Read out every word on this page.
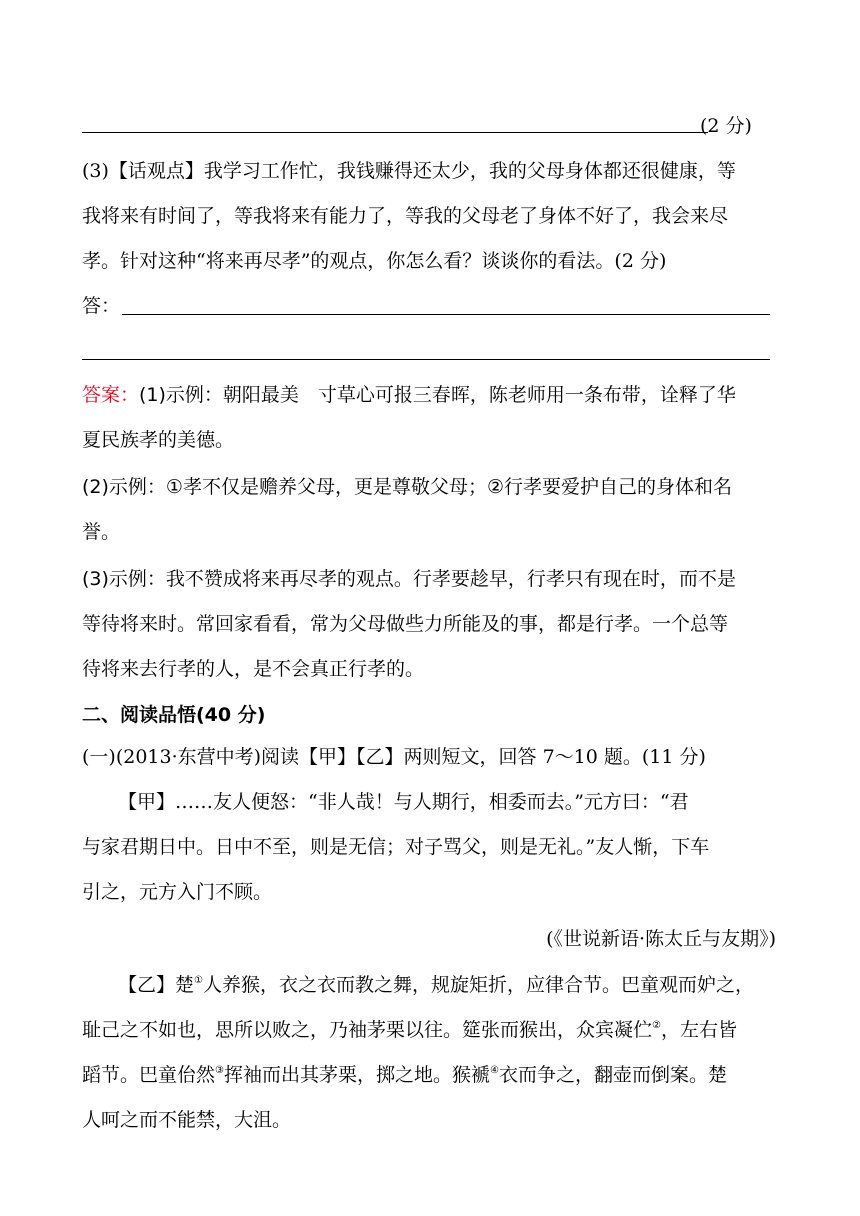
(2 分)
(3)【话观点】我学习工作忙，我钱赚得还太少，我的父母身体都还很健康，等
我将来有时间了，等我将来有能力了，等我的父母老了身体不好了，我会来尽
孝。针对这种“将来再尽孝”的观点，你怎么看？谈谈你的看法。(2 分)
答：
答案：(1)示例：朝阳最美　寸草心可报三春晖，陈老师用一条布带，诠释了华
夏民族孝的美德。
(2)示例：①孝不仅是赡养父母，更是尊敬父母；②行孝要爱护自己的身体和名
誉。
(3)示例：我不赞成将来再尽孝的观点。行孝要趁早，行孝只有现在时，而不是
等待将来时。常回家看看，常为父母做些力所能及的事，都是行孝。一个总等
待将来去行孝的人，是不会真正行孝的。
二、阅读品悟(40 分)
(一)(2013·东营中考)阅读【甲】【乙】两则短文，回答 7～10 题。(11 分)
【甲】……友人便怒：“非人哉！与人期行，相委而去。”元方曰：“君
与家君期日中。日中不至，则是无信；对子骂父，则是无礼。”友人惭，下车
引之，元方入门不顾。
(《世说新语·陈太丘与友期》)
【乙】楚①人养猴，衣之衣而教之舞，规旋矩折，应律合节。巴童观而妒之，
耻己之不如也，思所以败之，乃袖茅栗以往。筵张而猴出，众宾凝伫②，左右皆
蹈节。巴童佁然③挥袖而出其茅栗，掷之地。猴褫④衣而争之，翻壶而倒案。楚
人呵之而不能禁，大沮。
